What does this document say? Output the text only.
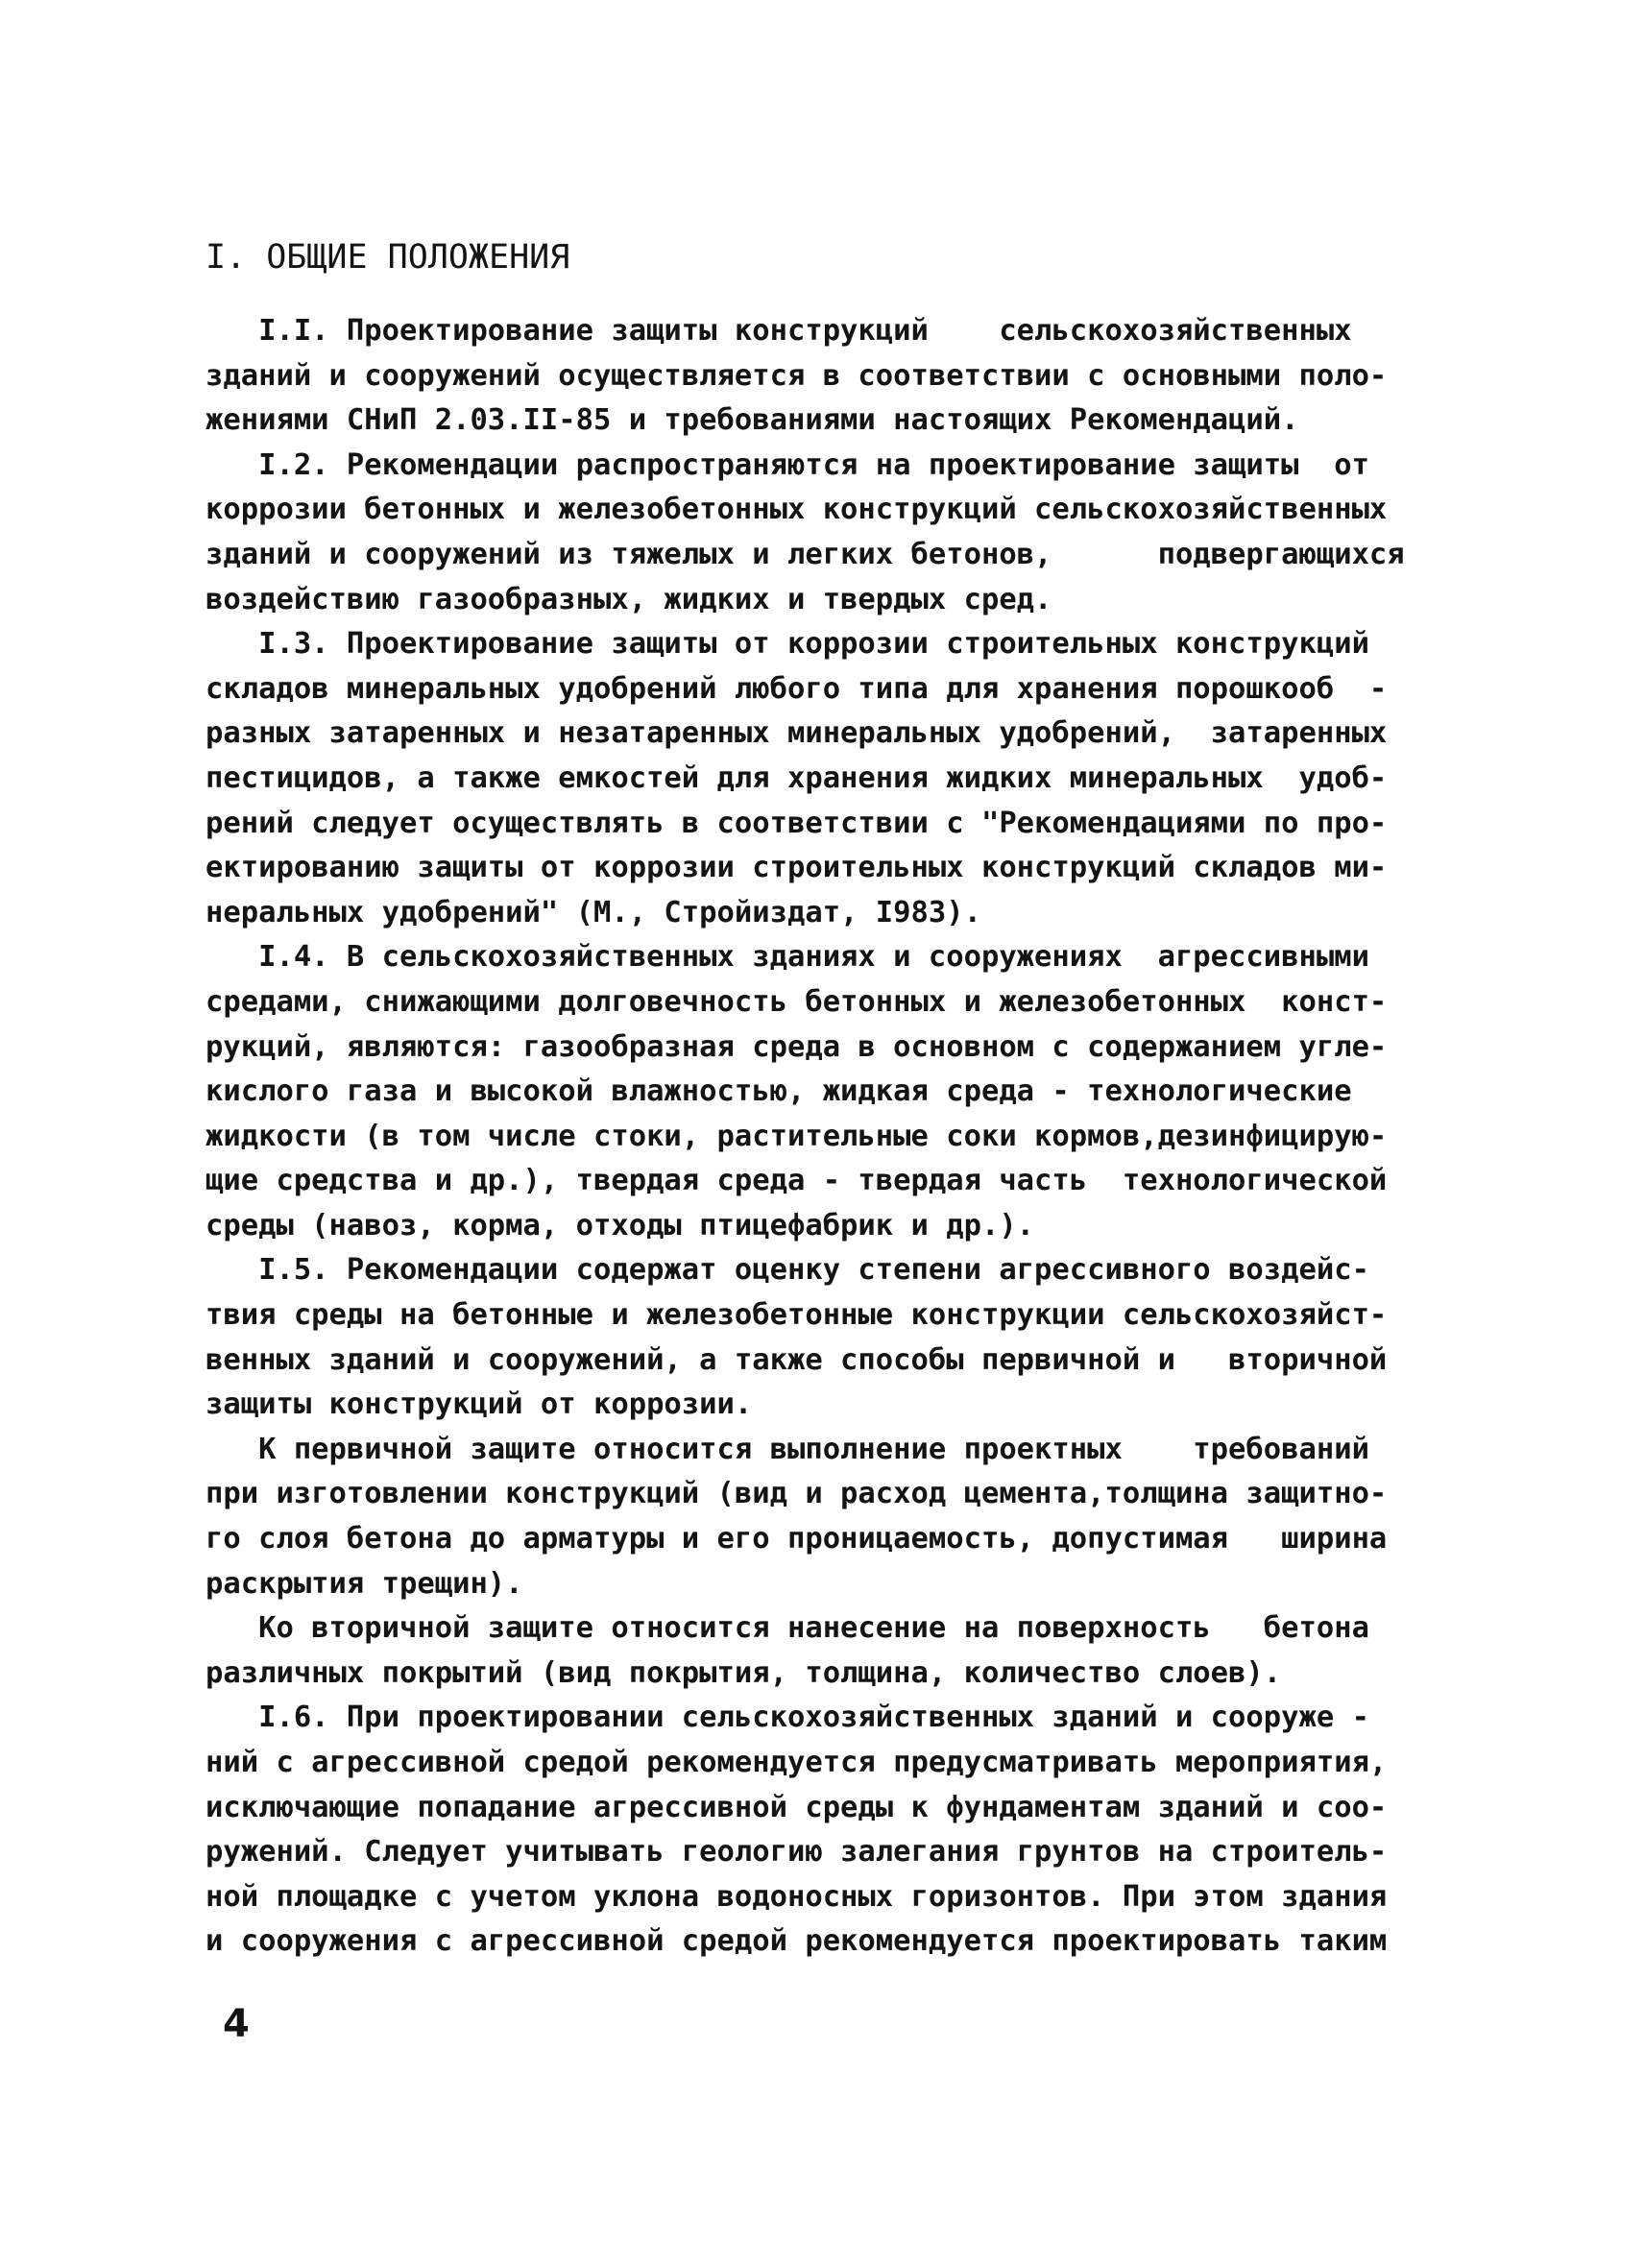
I. ОБЩИЕ ПОЛОЖЕНИЯ
I.I. Проектирование защиты конструкций    сельскохозяйственных
зданий и сооружений осуществляется в соответствии с основными поло-
жениями СНиП 2.03.II-85 и требованиями настоящих Рекомендаций.
I.2. Рекомендации распространяются на проектирование защиты  от
коррозии бетонных и железобетонных конструкций сельскохозяйственных
зданий и сооружений из тяжелых и легких бетонов,      подвергающихся
воздействию газообразных, жидких и твердых сред.
I.3. Проектирование защиты от коррозии строительных конструкций
складов минеральных удобрений любого типа для хранения порошкооб  -
разных затаренных и незатаренных минеральных удобрений,  затаренных
пестицидов, а также емкостей для хранения жидких минеральных  удоб-
рений следует осуществлять в соответствии с "Рекомендациями по про-
ектированию защиты от коррозии строительных конструкций складов ми-
неральных удобрений" (М., Стройиздат, I983).
I.4. В сельскохозяйственных зданиях и сооружениях  агрессивными
средами, снижающими долговечность бетонных и железобетонных  конст-
рукций, являются: газообразная среда в основном с содержанием угле-
кислого газа и высокой влажностью, жидкая среда - технологические
жидкости (в том числе стоки, растительные соки кормов,дезинфицирую-
щие средства и др.), твердая среда - твердая часть  технологической
среды (навоз, корма, отходы птицефабрик и др.).
I.5. Рекомендации содержат оценку степени агрессивного воздейс-
твия среды на бетонные и железобетонные конструкции сельскохозяйст-
венных зданий и сооружений, а также способы первичной и   вторичной
защиты конструкций от коррозии.
К первичной защите относится выполнение проектных    требований
при изготовлении конструкций (вид и расход цемента,толщина защитно-
го слоя бетона до арматуры и его проницаемость, допустимая   ширина
раскрытия трещин).
Ко вторичной защите относится нанесение на поверхность   бетона
различных покрытий (вид покрытия, толщина, количество слоев).
I.6. При проектировании сельскохозяйственных зданий и сооруже -
ний с агрессивной средой рекомендуется предусматривать мероприятия,
исключающие попадание агрессивной среды к фундаментам зданий и соо-
ружений. Следует учитывать геологию залегания грунтов на строитель-
ной площадке с учетом уклона водоносных горизонтов. При этом здания
и сооружения с агрессивной средой рекомендуется проектировать таким
4
